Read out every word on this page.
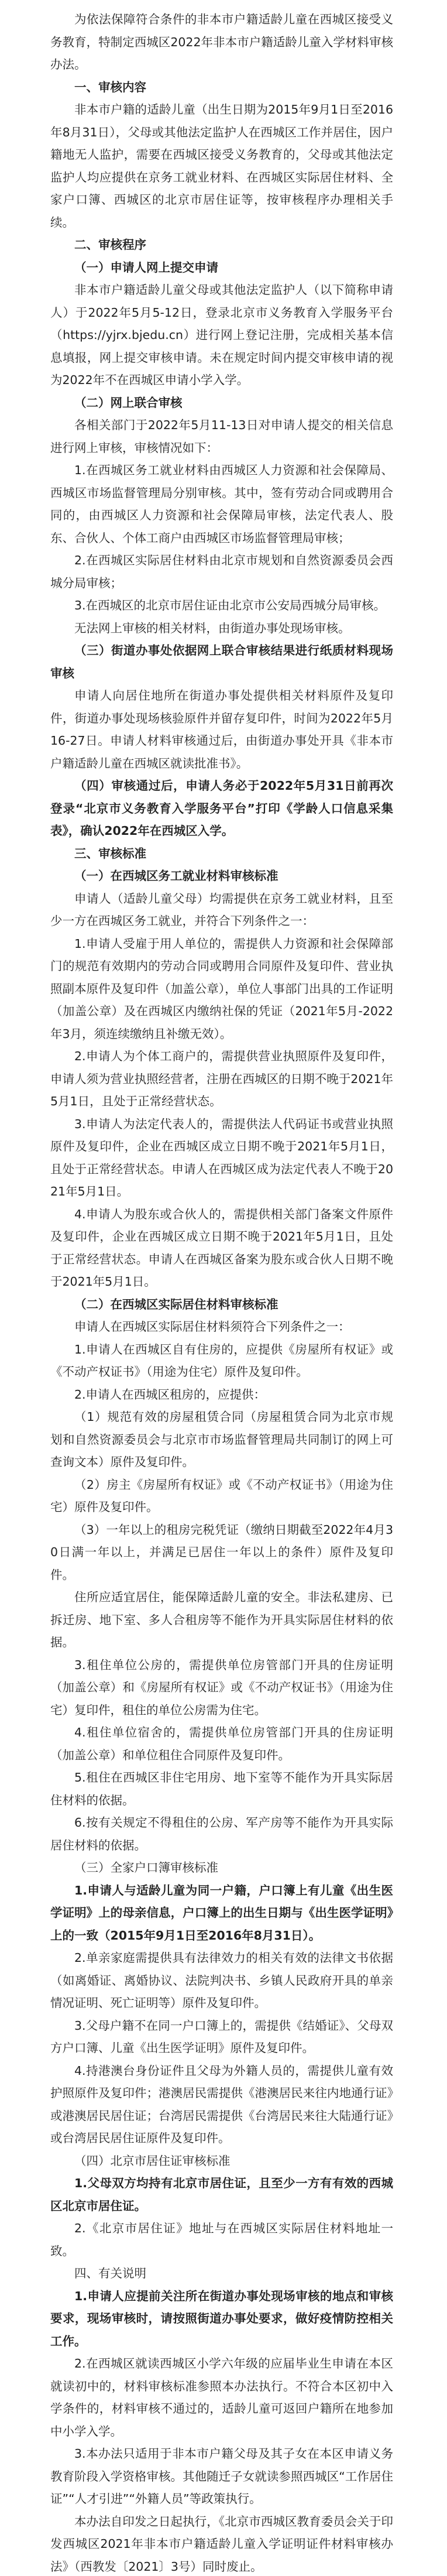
为依法保障符合条件的非本市户籍适龄儿童在西城区接受义务教育，特制定西城区2022年非本市户籍适龄儿童入学材料审核办法。

一、审核内容

非本市户籍的适龄儿童（出生日期为2015年9月1日至2016年8月31日），父母或其他法定监护人在西城区工作并居住，因户籍地无人监护，需要在西城区接受义务教育的，父母或其他法定监护人均应提供在京务工就业材料、在西城区实际居住材料、全家户口簿、西城区的北京市居住证等，按审核程序办理相关手续。

二、审核程序

（一）申请人网上提交申请

非本市户籍适龄儿童父母或其他法定监护人（以下简称申请人）于2022年5月5-12日，登录北京市义务教育入学服务平台（https://yjrx.bjedu.cn）进行网上登记注册，完成相关基本信息填报，网上提交审核申请。未在规定时间内提交审核申请的视为2022年不在西城区申请小学入学。

（二）网上联合审核

各相关部门于2022年5月11-13日对申请人提交的相关信息进行网上审核，审核情况如下：

1.在西城区务工就业材料由西城区人力资源和社会保障局、西城区市场监督管理局分别审核。其中，签有劳动合同或聘用合同的，由西城区人力资源和社会保障局审核，法定代表人、股东、合伙人、个体工商户由西城区市场监督管理局审核；

2.在西城区实际居住材料由北京市规划和自然资源委员会西城分局审核；

3.在西城区的北京市居住证由北京市公安局西城分局审核。

无法网上审核的相关材料，由街道办事处现场审核。

（三）街道办事处依据网上联合审核结果进行纸质材料现场审核

申请人向居住地所在街道办事处提供相关材料原件及复印件，街道办事处现场核验原件并留存复印件，时间为2022年5月16-27日。申请人材料审核通过后，由街道办事处开具《非本市户籍适龄儿童在西城区就读批准书》。

（四）审核通过后，申请人务必于2022年5月31日前再次登录“北京市义务教育入学服务平台”打印《学龄人口信息采集表》，确认2022年在西城区入学。

三、审核标准

（一）在西城区务工就业材料审核标准

申请人（适龄儿童父母）均需提供在京务工就业材料，且至少一方在西城区务工就业，并符合下列条件之一：

1.申请人受雇于用人单位的，需提供人力资源和社会保障部门的规范有效期内的劳动合同或聘用合同原件及复印件、营业执照副本原件及复印件（加盖公章），单位人事部门出具的工作证明（加盖公章）及在西城区内缴纳社保的凭证（2021年5月-2022年3月，须连续缴纳且补缴无效）。

2.申请人为个体工商户的，需提供营业执照原件及复印件，申请人须为营业执照经营者，注册在西城区的日期不晚于2021年5月1日，且处于正常经营状态。

3.申请人为法定代表人的，需提供法人代码证书或营业执照原件及复印件，企业在西城区成立日期不晚于2021年5月1日，且处于正常经营状态。申请人在西城区成为法定代表人不晚于2021年5月1日。

4.申请人为股东或合伙人的，需提供相关部门备案文件原件及复印件，企业在西城区成立日期不晚于2021年5月1日，且处于正常经营状态。申请人在西城区备案为股东或合伙人日期不晚于2021年5月1日。

（二）在西城区实际居住材料审核标准

申请人在西城区实际居住材料须符合下列条件之一：

1.申请人在西城区自有住房的，应提供《房屋所有权证》或《不动产权证书》（用途为住宅）原件及复印件。

2.申请人在西城区租房的，应提供：

（1）规范有效的房屋租赁合同（房屋租赁合同为北京市规划和自然资源委员会与北京市市场监督管理局共同制订的网上可查询文本）原件及复印件。

（2）房主《房屋所有权证》或《不动产权证书》（用途为住宅）原件及复印件。

（3）一年以上的租房完税凭证（缴纳日期截至2022年4月30日满一年以上，并满足已居住一年以上的条件）原件及复印件。

住所应适宜居住，能保障适龄儿童的安全。非法私建房、已拆迁房、地下室、多人合租房等不能作为开具实际居住材料的依据。

3.租住单位公房的，需提供单位房管部门开具的住房证明（加盖公章）和《房屋所有权证》或《不动产权证书》（用途为住宅）复印件，租住的单位公房需为住宅。

4.租住单位宿舍的，需提供单位房管部门开具的住房证明（加盖公章）和单位租住合同原件及复印件。

5.租住在西城区非住宅用房、地下室等不能作为开具实际居住材料的依据。

6.按有关规定不得租住的公房、军产房等不能作为开具实际居住材料的依据。

（三）全家户口簿审核标准

1.申请人与适龄儿童为同一户籍，户口簿上有儿童《出生医学证明》上的母亲信息，户口簿上的出生日期与《出生医学证明》上的一致（2015年9月1日至2016年8月31日）。

2.单亲家庭需提供具有法律效力的相关有效的法律文书依据（如离婚证、离婚协议、法院判决书、乡镇人民政府开具的单亲情况证明、死亡证明等）原件及复印件。

3.父母户籍不在同一户口簿上的，需提供《结婚证》、父母双方户口簿、儿童《出生医学证明》原件及复印件。

4.持港澳台身份证件且父母为外籍人员的，需提供儿童有效护照原件及复印件；港澳居民需提供《港澳居民来往内地通行证》或港澳居民居住证；台湾居民需提供《台湾居民来往大陆通行证》或台湾居民居住证原件及复印件。

（四）北京市居住证审核标准

1.父母双方均持有北京市居住证，且至少一方有有效的西城区北京市居住证。

2.《北京市居住证》地址与在西城区实际居住材料地址一致。

四、有关说明

1.申请人应提前关注所在街道办事处现场审核的地点和审核要求，现场审核时，请按照街道办事处要求，做好疫情防控相关工作。

2.在西城区就读西城区小学六年级的应届毕业生申请在本区就读初中的，材料审核标准参照本办法执行。不符合本区初中入学条件的，材料审核不通过的，适龄儿童可返回户籍所在地参加中小学入学。

3.本办法只适用于非本市户籍父母及其子女在本区申请义务教育阶段入学资格审核。其他随迁子女就读参照西城区“工作居住证”“人才引进”“外籍人员”等政策执行。

本办法自印发之日起执行，《北京市西城区教育委员会关于印发西城区2021年非本市户籍适龄儿童入学证明证件材料审核办法》（西教发〔2021〕3号）同时废止。
